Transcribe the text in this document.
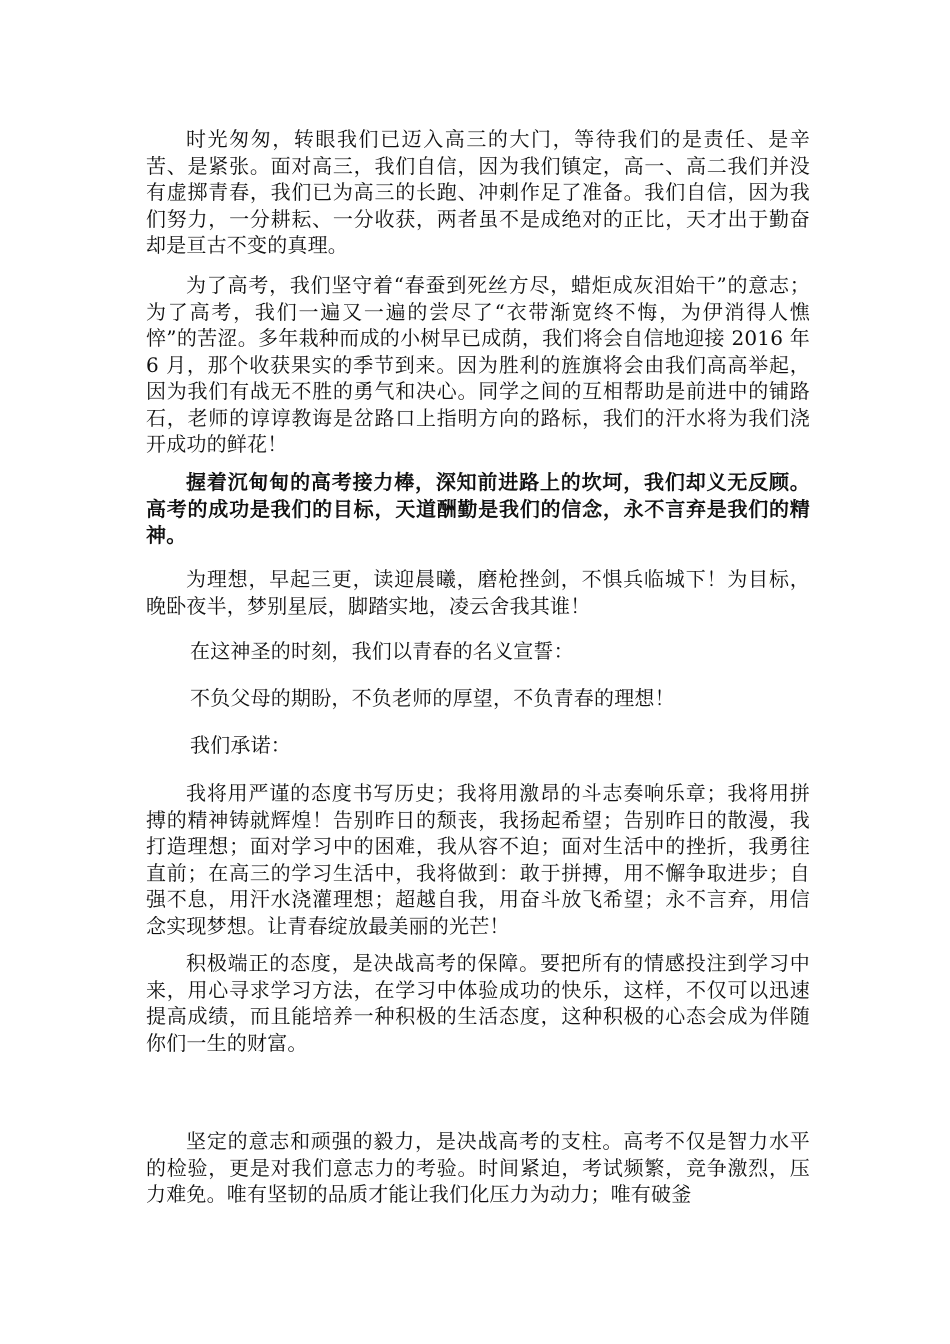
时光匆匆，转眼我们已迈入高三的大门，等待我们的是责任、是辛苦、是紧张。面对高三，我们自信，因为我们镇定，高一、高二我们并没有虚掷青春，我们已为高三的长跑、冲刺作足了准备。我们自信，因为我们努力，一分耕耘、一分收获，两者虽不是成绝对的正比，天才出于勤奋却是亘古不变的真理。

为了高考，我们坚守着“春蚕到死丝方尽，蜡炬成灰泪始干”的意志；为了高考，我们一遍又一遍的尝尽了“衣带渐宽终不悔，为伊消得人憔悴”的苦涩。多年栽种而成的小树早已成荫，我们将会自信地迎接 2016 年 6 月，那个收获果实的季节到来。因为胜利的旌旗将会由我们高高举起，因为我们有战无不胜的勇气和决心。同学之间的互相帮助是前进中的铺路石，老师的谆谆教诲是岔路口上指明方向的路标，我们的汗水将为我们浇开成功的鲜花！

握着沉甸甸的高考接力棒，深知前进路上的坎坷，我们却义无反顾。高考的成功是我们的目标，天道酬勤是我们的信念，永不言弃是我们的精神。

为理想，早起三更，读迎晨曦，磨枪挫剑，不惧兵临城下！为目标，晚卧夜半，梦别星辰，脚踏实地，凌云舍我其谁！

在这神圣的时刻，我们以青春的名义宣誓：

不负父母的期盼，不负老师的厚望，不负青春的理想！

我们承诺：

我将用严谨的态度书写历史；我将用激昂的斗志奏响乐章；我将用拼搏的精神铸就辉煌！告别昨日的颓丧，我扬起希望；告别昨日的散漫，我打造理想；面对学习中的困难，我从容不迫；面对生活中的挫折，我勇往直前；在高三的学习生活中，我将做到：敢于拼搏，用不懈争取进步；自强不息，用汗水浇灌理想；超越自我，用奋斗放飞希望；永不言弃，用信念实现梦想。让青春绽放最美丽的光芒！

积极端正的态度，是决战高考的保障。要把所有的情感投注到学习中来，用心寻求学习方法，在学习中体验成功的快乐，这样，不仅可以迅速提高成绩，而且能培养一种积极的生活态度，这种积极的心态会成为伴随你们一生的财富。

坚定的意志和顽强的毅力，是决战高考的支柱。高考不仅是智力水平的检验，更是对我们意志力的考验。时间紧迫，考试频繁，竞争激烈，压力难免。唯有坚韧的品质才能让我们化压力为动力；唯有破釜
